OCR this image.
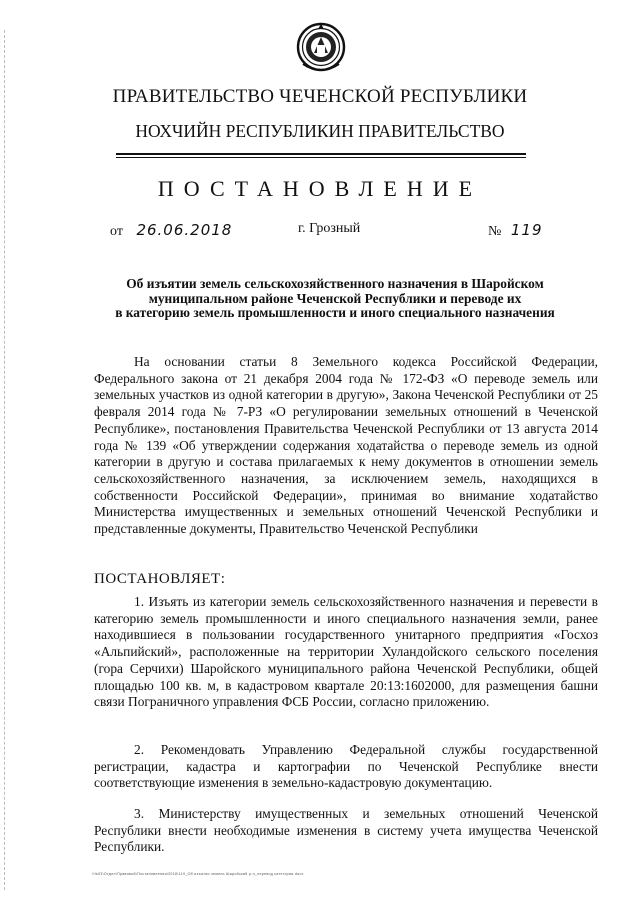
ПРАВИТЕЛЬСТВО ЧЕЧЕНСКОЙ РЕСПУБЛИКИ
НОХЧИЙН РЕСПУБЛИКИН ПРАВИТЕЛЬСТВО
ПОСТАНОВЛЕНИЕ
от 26.06.2018	г. Грозный	№ 119
Об изъятии земель сельскохозяйственного назначения в Шаройском
муниципальном районе Чеченской Республики и переводе их
в категорию земель промышленности и иного специального назначения

На основании статьи 8 Земельного кодекса Российской Федерации, Федерального закона от 21 декабря 2004 года № 172-ФЗ «О переводе земель или земельных участков из одной категории в другую», Закона Чеченской Республики от 25 февраля 2014 года № 7-РЗ «О регулировании земельных отношений в Чеченской Республике», постановления Правительства Чеченской Республики от 13 августа 2014 года № 139 «Об утверждении содержания ходатайства о переводе земель из одной категории в другую и состава прилагаемых к нему документов в отношении земель сельскохозяйственного назначения, за исключением земель, находящихся в собственности Российской Федерации», принимая во внимание ходатайство Министерства имущественных и земельных отношений Чеченской Республики и представленные документы, Правительство Чеченской Республики

ПОСТАНОВЛЯЕТ:

1. Изъять из категории земель сельскохозяйственного назначения и перевести в категорию земель промышленности и иного специального назначения земли, ранее находившиеся в пользовании государственного унитарного предприятия «Госхоз «Альпийский», расположенные на территории Хуландойского сельского поселения (гора Серчихи) Шаройского муниципального района Чеченской Республики, общей площадью 100 кв. м, в кадастровом квартале 20:13:1602000, для размещения башни связи Пограничного управления ФСБ России, согласно приложению.

2. Рекомендовать Управлению Федеральной службы государственной регистрации, кадастра и картографии по Чеченской Республике внести соответствующие изменения в земельно-кадастровую документацию.

3. Министерству имущественных и земельных отношений Чеченской Республики внести необходимые изменения в систему учета имущества Чеченской Республики.

\\fs03\Отдел\Правовой\Постановления\2018\119_Об изъятии земель Шаройский р-н_перевод категории.docx
